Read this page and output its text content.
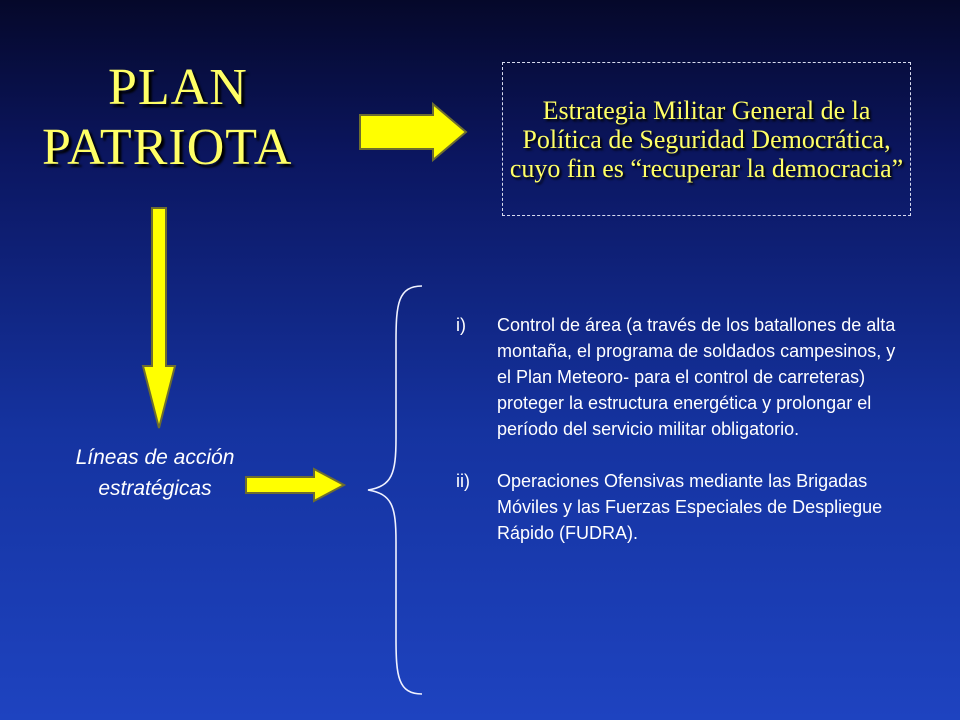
PLAN
PATRIOTA
Estrategia Militar General de la Política de Seguridad Democrática, cuyo fin es “recuperar la democracia”
Líneas de acción estratégicas
i)	Control de área (a través de los batallones de alta montaña, el programa de soldados campesinos, y el Plan Meteoro- para el control de carreteras) proteger la estructura energética y prolongar el período del servicio militar obligatorio.
ii)	Operaciones Ofensivas mediante las Brigadas Móviles y las Fuerzas Especiales de Despliegue Rápido (FUDRA).
